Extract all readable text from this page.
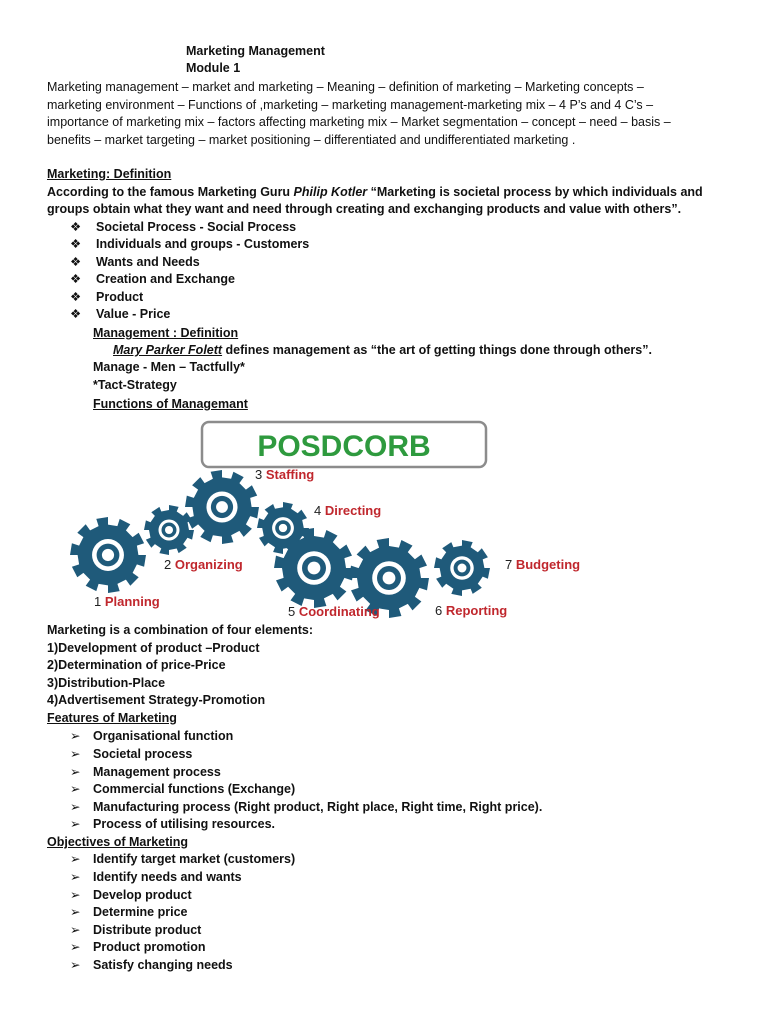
Marketing Management
Module 1
Marketing management – market and marketing – Meaning – definition of marketing – Marketing concepts –
marketing environment – Functions of ,marketing – marketing management-marketing mix – 4 P’s and 4 C’s –
importance of marketing mix – factors affecting marketing mix – Market segmentation – concept – need – basis –
benefits – market targeting – market positioning – differentiated and undifferentiated marketing .
Marketing: Definition
According to the famous Marketing Guru Philip Kotler “Marketing is societal process by which individuals and
groups obtain what they want and need through creating and exchanging products and value with others”.
❖ Societal Process - Social Process
❖ Individuals and groups - Customers
❖ Wants and Needs
❖ Creation and Exchange
❖ Product
❖ Value - Price
Management : Definition
Mary Parker Folett defines management as “the art of getting things done through others”.
Manage - Men – Tactfully*
*Tact-Strategy
Functions of Managemant
POSDCORB
1 Planning
2 Organizing
3 Staffing
4 Directing
5 Coordinating	6 Reporting
7 Budgeting
Marketing is a combination of four elements:
1)Development of product –Product
2)Determination of price-Price
3)Distribution-Place
4)Advertisement Strategy-Promotion
Features of Marketing
➢ Organisational function
➢ Societal process
➢ Management process
➢ Commercial functions (Exchange)
➢ Manufacturing process (Right product, Right place, Right time, Right price).
➢ Process of utilising resources.
Objectives of Marketing
➢ Identify target market (customers)
➢ Identify needs and wants
➢ Develop product
➢ Determine price
➢ Distribute product
➢ Product promotion
➢ Satisfy changing needs
